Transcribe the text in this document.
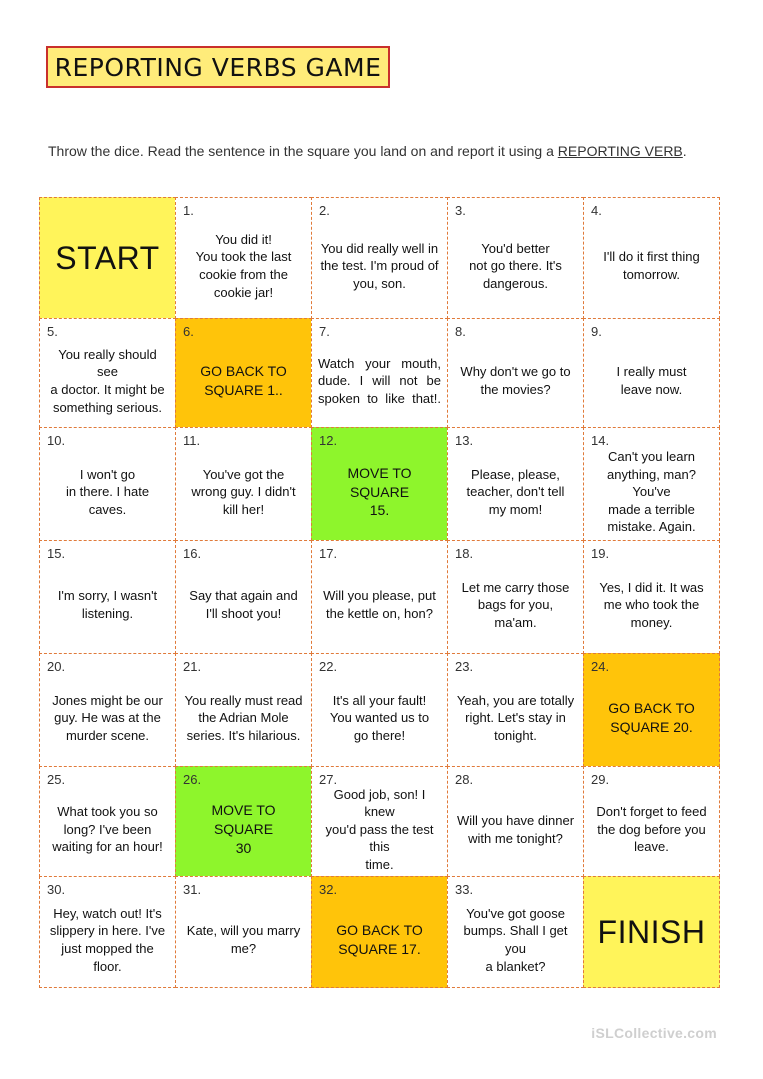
REPORTING VERBS GAME
Throw the dice. Read the sentence in the square you land on and report it using a REPORTING VERB.
START
1.
You did it!
You took the last
cookie from the
cookie jar!
2.
You did really well in
the test. I'm proud of
you, son.
3.
You'd better
not go there. It's
dangerous.
4.
I'll do it first thing
tomorrow.
5.
You really should see
a doctor. It might be
something serious.
6.
GO BACK TO
SQUARE 1..
7.
Watch your mouth, dude. I will not be spoken to like that!.
8.
Why don't we go to
the movies?
9.
I really must
leave now.
10.
I won't go
in there. I hate
caves.
11.
You've got the
wrong guy. I didn't
kill her!
12.
MOVE TO
SQUARE
15.
13.
Please, please,
teacher, don't tell
my mom!
14.
Can't you learn
anything, man? You've
made a terrible
mistake. Again.
15.
I'm sorry, I wasn't
listening.
16.
Say that again and
I'll shoot you!
17.
Will you please, put
the kettle on, hon?
18.
Let me carry those
bags for you,
ma'am.
19.
Yes, I did it. It was
me who took the
money.
20.
Jones might be our
guy. He was at the
murder scene.
21.
You really must read
the Adrian Mole
series. It's hilarious.
22.
It's all your fault!
You wanted us to
go there!
23.
Yeah, you are totally
right. Let's stay in
tonight.
24.
GO BACK TO
SQUARE 20.
25.
What took you so
long? I've been
waiting for an hour!
26.
MOVE TO SQUARE
30
27.
Good job, son! I knew
you'd pass the test this
time.
28.
Will you have dinner
with me tonight?
29.
Don't forget to feed
the dog before you
leave.
30.
Hey, watch out! It's
slippery in here. I've
just mopped the floor.
31.
Kate, will you marry
me?
32.
GO BACK TO
SQUARE 17.
33.
You've got goose
bumps. Shall I get you
a blanket?
FINISH
iSLCollective.com
